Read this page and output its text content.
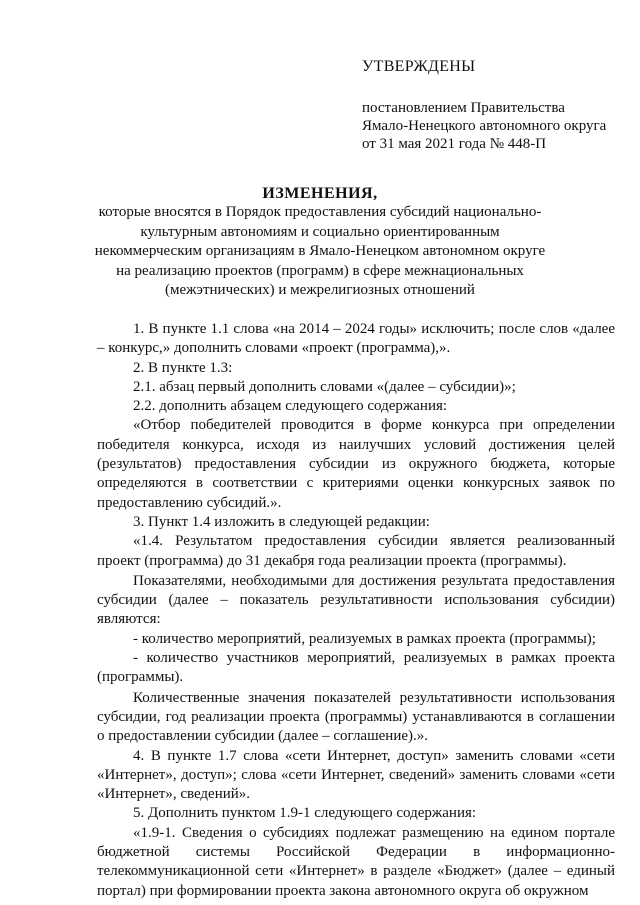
УТВЕРЖДЕНЫ
постановлением Правительства
Ямало-Ненецкого автономного округа
от 31 мая 2021 года № 448-П
ИЗМЕНЕНИЯ,
которые вносятся в Порядок предоставления субсидий национально-культурным автономиям и социально ориентированным некоммерческим организациям в Ямало-Ненецком автономном округе на реализацию проектов (программ) в сфере межнациональных (межэтнических) и межрелигиозных отношений

1. В пункте 1.1 слова «на 2014 – 2024 годы» исключить; после слов «далее – конкурс,» дополнить словами «проект (программа),».

2. В пункте 1.3:

2.1. абзац первый дополнить словами «(далее – субсидии)»;

2.2. дополнить абзацем следующего содержания:

«Отбор победителей проводится в форме конкурса при определении победителя конкурса, исходя из наилучших условий достижения целей (результатов) предоставления субсидии из окружного бюджета, которые определяются в соответствии с критериями оценки конкурсных заявок по предоставлению субсидий.».

3. Пункт 1.4 изложить в следующей редакции:

«1.4. Результатом предоставления субсидии является реализованный проект (программа) до 31 декабря года реализации проекта (программы).

Показателями, необходимыми для достижения результата предоставления субсидии (далее – показатель результативности использования субсидии) являются:

- количество мероприятий, реализуемых в рамках проекта (программы);

- количество участников мероприятий, реализуемых в рамках проекта (программы).

Количественные значения показателей результативности использования субсидии, год реализации проекта (программы) устанавливаются в соглашении о предоставлении субсидии (далее – соглашение).».

4. В пункте 1.7 слова «сети Интернет, доступ» заменить словами «сети «Интернет», доступ»; слова «сети Интернет, сведений» заменить словами «сети «Интернет», сведений».

5. Дополнить пунктом 1.9-1 следующего содержания:

«1.9-1. Сведения о субсидиях подлежат размещению на едином портале бюджетной системы Российской Федерации в информационно-телекоммуникационной сети «Интернет» в разделе «Бюджет» (далее – единый портал) при формировании проекта закона автономного округа об окружном
